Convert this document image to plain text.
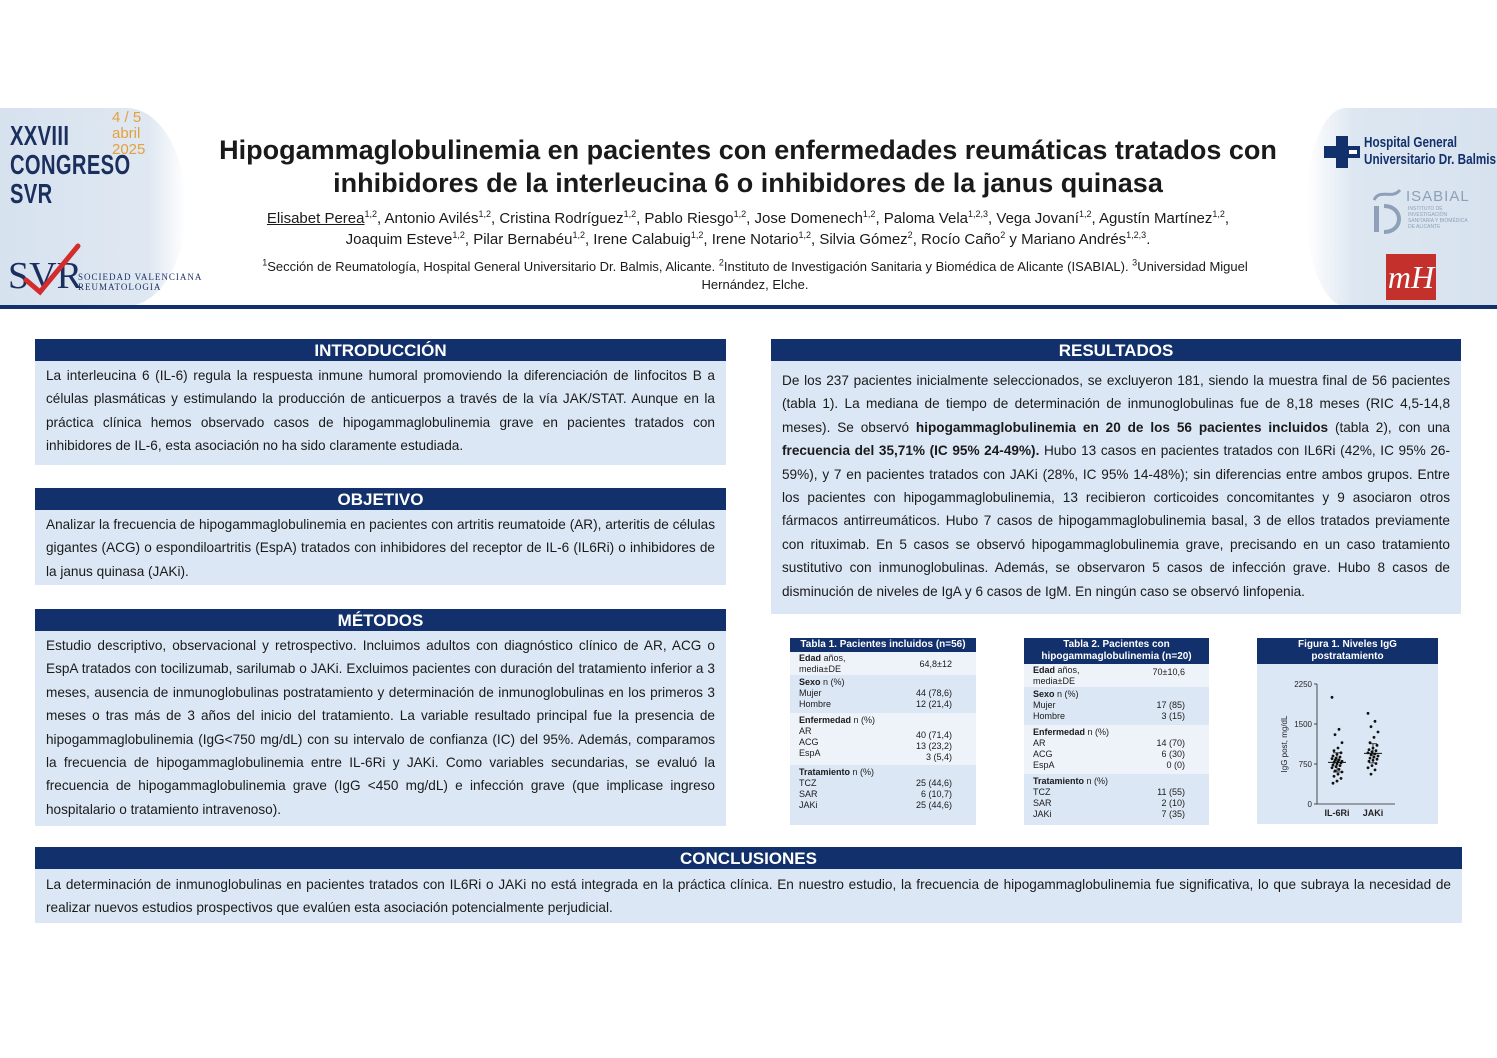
XXVIII
CONGRESO
SVR
4 / 5
abril
2025
SVR
SOCIEDAD VALENCIANA
REUMATOLOGIA
Hipogammaglobulinemia en pacientes con enfermedades reumáticas tratados con
inhibidores de la interleucina 6 o inhibidores de la janus quinasa
Elisabet Perea$^{1,2}$, Antonio Avilés$^{1,2}$, Cristina Rodríguez$^{1,2}$, Pablo Riesgo$^{1,2}$, Jose Domenech$^{1,2}$, Paloma Vela$^{1,2,3}$, Vega Jovaní$^{1,2}$, Agustín Martínez$^{1,2}$,
Joaquim Esteve$^{1,2}$, Pilar Bernabéu$^{1,2}$, Irene Calabuig$^{1,2}$, Irene Notario$^{1,2}$, Silvia Gómez$^2$, Rocío Caño$^2$ y Mariano Andrés$^{1,2,3}$.
$^1$Sección de Reumatología, Hospital General Universitario Dr. Balmis, Alicante. $^2$Instituto de Investigación Sanitaria y Biomédica de Alicante (ISABIAL). $^3$Universidad Miguel Hernández, Elche.
Hospital General
Universitario Dr. Balmis
ISABIAL
INSTITUTO DE INVESTIGACIÓN SANITARIA Y BIOMÉDICA DE ALICANTE
mH
INTRODUCCIÓN
La interleucina 6 (IL-6) regula la respuesta inmune humoral promoviendo la diferenciación de linfocitos B a células plasmáticas y estimulando la producción de anticuerpos a través de la vía JAK/STAT. Aunque en la práctica clínica hemos observado casos de hipogammaglobulinemia grave en pacientes tratados con inhibidores de IL-6, esta asociación no ha sido claramente estudiada.
OBJETIVO
Analizar la frecuencia de hipogammaglobulinemia en pacientes con artritis reumatoide (AR), arteritis de células gigantes (ACG) o espondiloartritis (EspA) tratados con inhibidores del receptor de IL-6 (IL6Ri) o inhibidores de la janus quinasa (JAKi).
MÉTODOS
Estudio descriptivo, observacional y retrospectivo. Incluimos adultos con diagnóstico clínico de AR, ACG o EspA tratados con tocilizumab, sarilumab o JAKi. Excluimos pacientes con duración del tratamiento inferior a 3 meses, ausencia de inmunoglobulinas postratamiento y determinación de inmunoglobulinas en los primeros 3 meses o tras más de 3 años del inicio del tratamiento. La variable resultado principal fue la presencia de hipogammaglobulinemia (IgG<750 mg/dL) con su intervalo de confianza (IC) del 95%. Además, comparamos la frecuencia de hipogammaglobulinemia entre IL-6Ri y JAKi. Como variables secundarias, se evaluó la frecuencia de hipogammaglobulinemia grave (IgG <450 mg/dL) e infección grave (que implicase ingreso hospitalario o tratamiento intravenoso).
RESULTADOS
De los 237 pacientes inicialmente seleccionados, se excluyeron 181, siendo la muestra final de 56 pacientes (tabla 1). La mediana de tiempo de determinación de inmunoglobulinas fue de 8,18 meses (RIC 4,5-14,8 meses). Se observó hipogammaglobulinemia en 20 de los 56 pacientes incluidos (tabla 2), con una frecuencia del 35,71% (IC 95% 24-49%). Hubo 13 casos en pacientes tratados con IL6Ri (42%, IC 95% 26-59%), y 7 en pacientes tratados con JAKi (28%, IC 95% 14-48%); sin diferencias entre ambos grupos. Entre los pacientes con hipogammaglobulinemia, 13 recibieron corticoides concomitantes y 9 asociaron otros fármacos antirreumáticos. Hubo 7 casos de hipogammaglobulinemia basal, 3 de ellos tratados previamente con rituximab. En 5 casos se observó hipogammaglobulinemia grave, precisando en un caso tratamiento sustitutivo con inmunoglobulinas. Además, se observaron 5 casos de infección grave. Hubo 8 casos de disminución de niveles de IgA y 6 casos de IgM. En ningún caso se observó linfopenia.
Tabla 1. Pacientes incluidos (n=56)
Edad años,
media±DE	64,8±12
Sexo n (%)
Mujer
Hombre
44 (78,6)
12 (21,4)
Enfermedad n (%)
AR
ACG
EspA
40 (71,4)
13 (23,2)
3 (5,4)
Tratamiento n (%)
TCZ
SAR
JAKi
25 (44,6)
6 (10,7)
25 (44,6)
Tabla 2. Pacientes con hipogammaglobulinemia (n=20)
Edad años,
media±DE
70±10,6
Sexo n (%)
Mujer
Hombre
17 (85)
3 (15)
Enfermedad n (%)
AR
ACG
EspA
14 (70)
6 (30)
0 (0)
Tratamiento n (%)
TCZ
SAR
JAKi
11 (55)
2 (10)
7 (35)
Figura 1. Niveles IgG postratamiento
0
750
1500
2250
IgG post, mg/dL
IL-6Ri JAKi
CONCLUSIONES
La determinación de inmunoglobulinas en pacientes tratados con IL6Ri o JAKi no está integrada en la práctica clínica. En nuestro estudio, la frecuencia de hipogammaglobulinemia fue significativa, lo que subraya la necesidad de realizar nuevos estudios prospectivos que evalúen esta asociación potencialmente perjudicial.
